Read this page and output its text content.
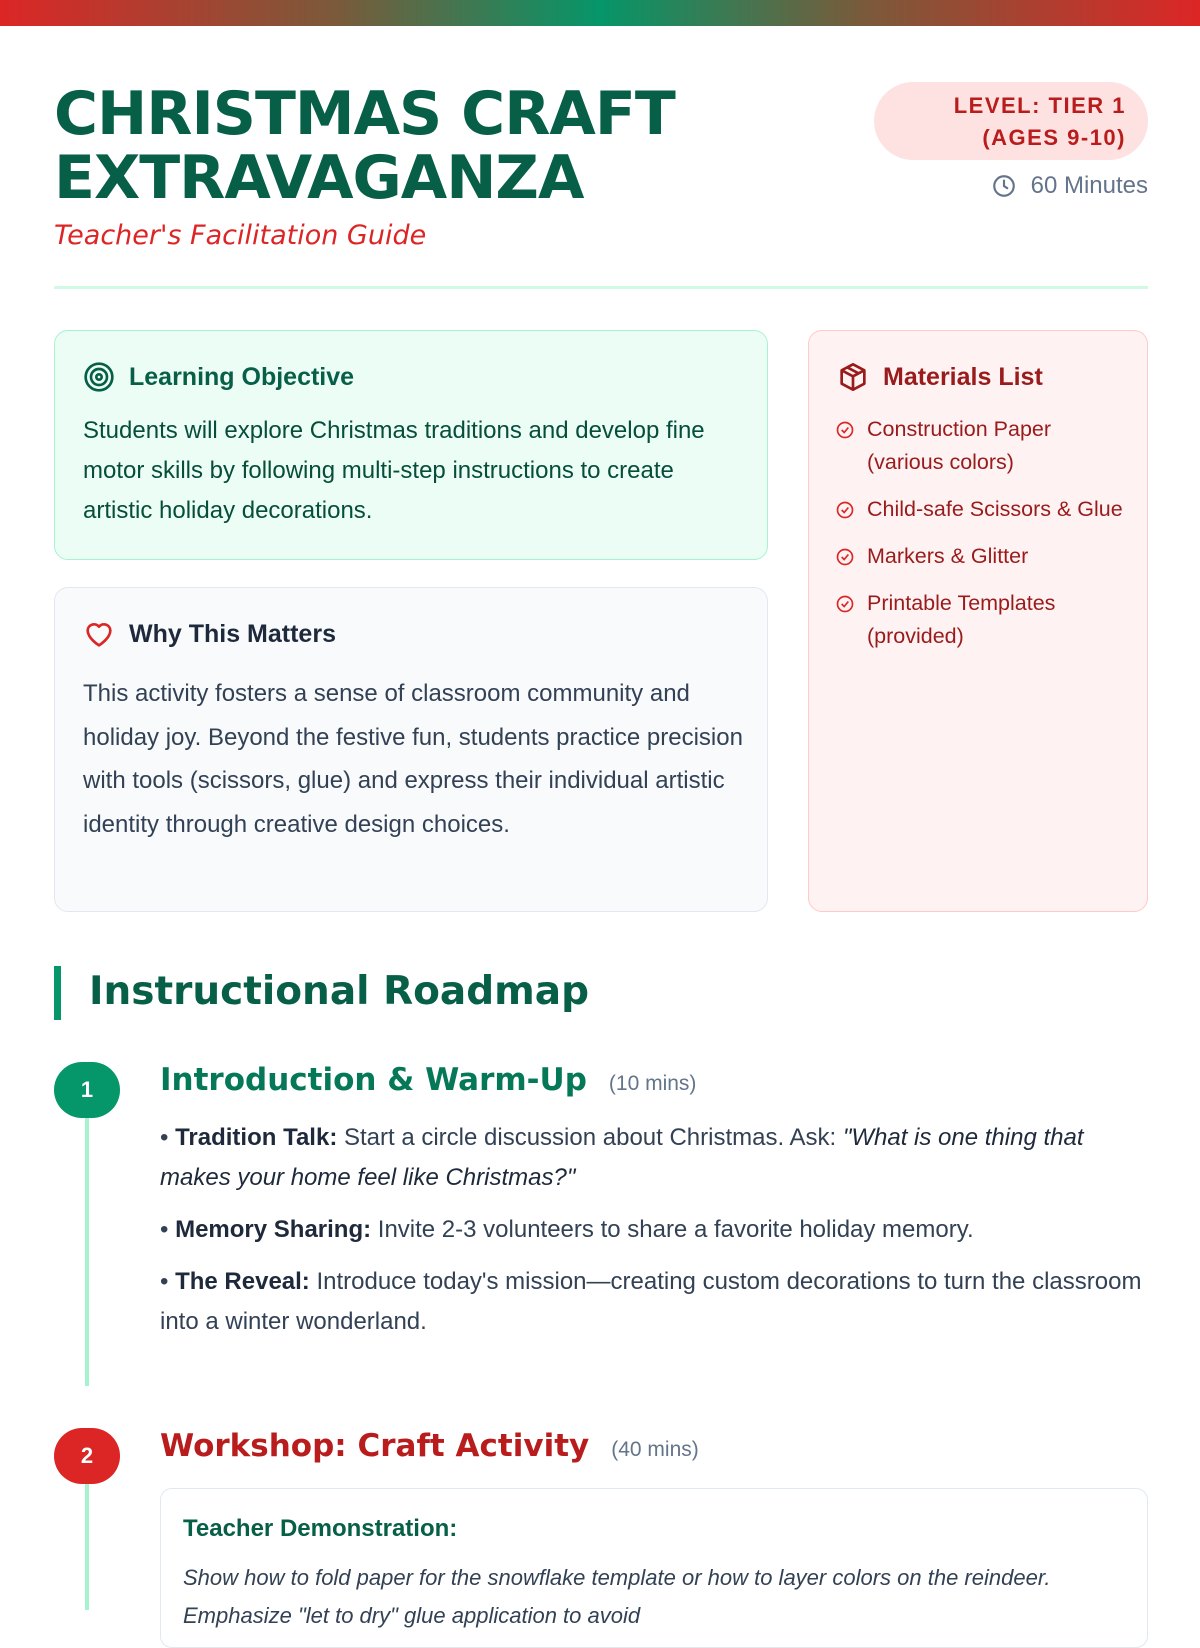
CHRISTMAS CRAFT
EXTRAVAGANZA
Teacher's Facilitation Guide
LEVEL: TIER 1
(AGES 9-10)
60 Minutes
Learning Objective
Students will explore Christmas traditions and develop fine motor skills by following multi-step instructions to create artistic holiday decorations.
Why This Matters
This activity fosters a sense of classroom community and holiday joy. Beyond the festive fun, students practice precision with tools (scissors, glue) and express their individual artistic identity through creative design choices.
Materials List
Construction Paper (various colors)
Child-safe Scissors & Glue
Markers & Glitter
Printable Templates (provided)
Instructional Roadmap
1	Introduction & Warm-Up (10 mins)

• Tradition Talk: Start a circle discussion about Christmas. Ask: "What is one thing that makes your home feel like Christmas?"

• Memory Sharing: Invite 2-3 volunteers to share a favorite holiday memory.

• The Reveal: Introduce today's mission—creating custom decorations to turn the classroom into a winter wonderland.

2	Workshop: Craft Activity (40 mins)
Teacher Demonstration:
Show how to fold paper for the snowflake template or how to layer colors on the reindeer. Emphasize "let to dry" glue application to avoid
